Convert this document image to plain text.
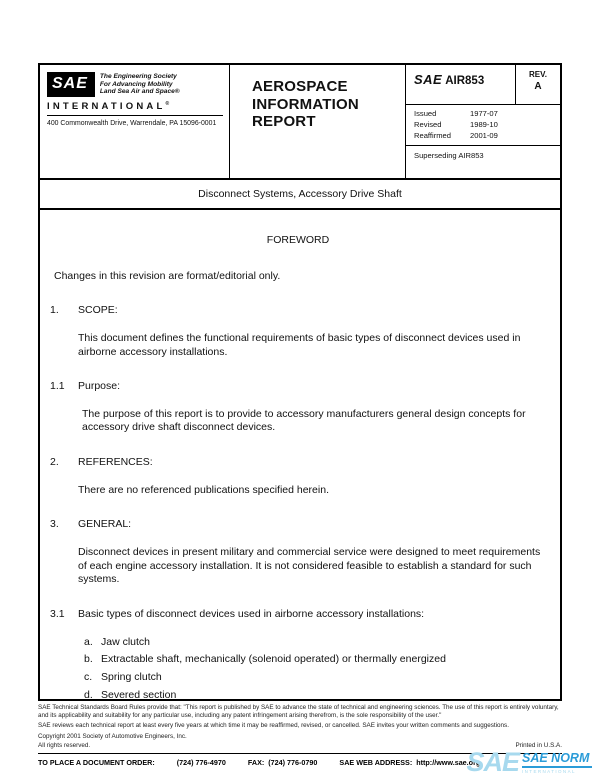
SAE	The Engineering Society
For Advancing Mobility
Land Sea Air and Space®
INTERNATIONAL®
400 Commonwealth Drive, Warrendale, PA 15096-0001
AEROSPACE
INFORMATION
REPORT
SAE AIR853
REV.
A
Issued	1977-07
Revised	1989-10
Reaffirmed	2001-09
Superseding AIR853
Disconnect Systems, Accessory Drive Shaft
FOREWORD
Changes in this revision are format/editorial only.
1.	SCOPE:

This document defines the functional requirements of basic types of disconnect devices used in airborne accessory installations.

1.1	Purpose:

The purpose of this report is to provide to accessory manufacturers general design concepts for accessory drive shaft disconnect devices.

2.	REFERENCES:

There are no referenced publications specified herein.

3.	GENERAL:

Disconnect devices in present military and commercial service were designed to meet requirements of each engine accessory installation. It is not considered feasible to establish a standard for such systems.

3.1	Basic types of disconnect devices used in airborne accessory installations:
a. Jaw clutch
b. Extractable shaft, mechanically (solenoid operated) or thermally energized
c. Spring clutch
d. Severed section
SAE Technical Standards Board Rules provide that: "This report is published by SAE to advance the state of technical and engineering sciences. The use of this report is entirely voluntary, and its applicability and suitability for any particular use, including any patent infringement arising therefrom, is the sole responsibility of the user."
SAE reviews each technical report at least every five years at which time it may be reaffirmed, revised, or cancelled. SAE invites your written comments and suggestions.
Copyright 2001 Society of Automotive Engineers, Inc.
All rights reserved.	Printed in U.S.A.
TO PLACE A DOCUMENT ORDER:	(724) 776-4970	FAX: (724) 776-0790	SAE WEB ADDRESS: http://www.sae.org
SAE SAE NORM
INTERNATIONAL
